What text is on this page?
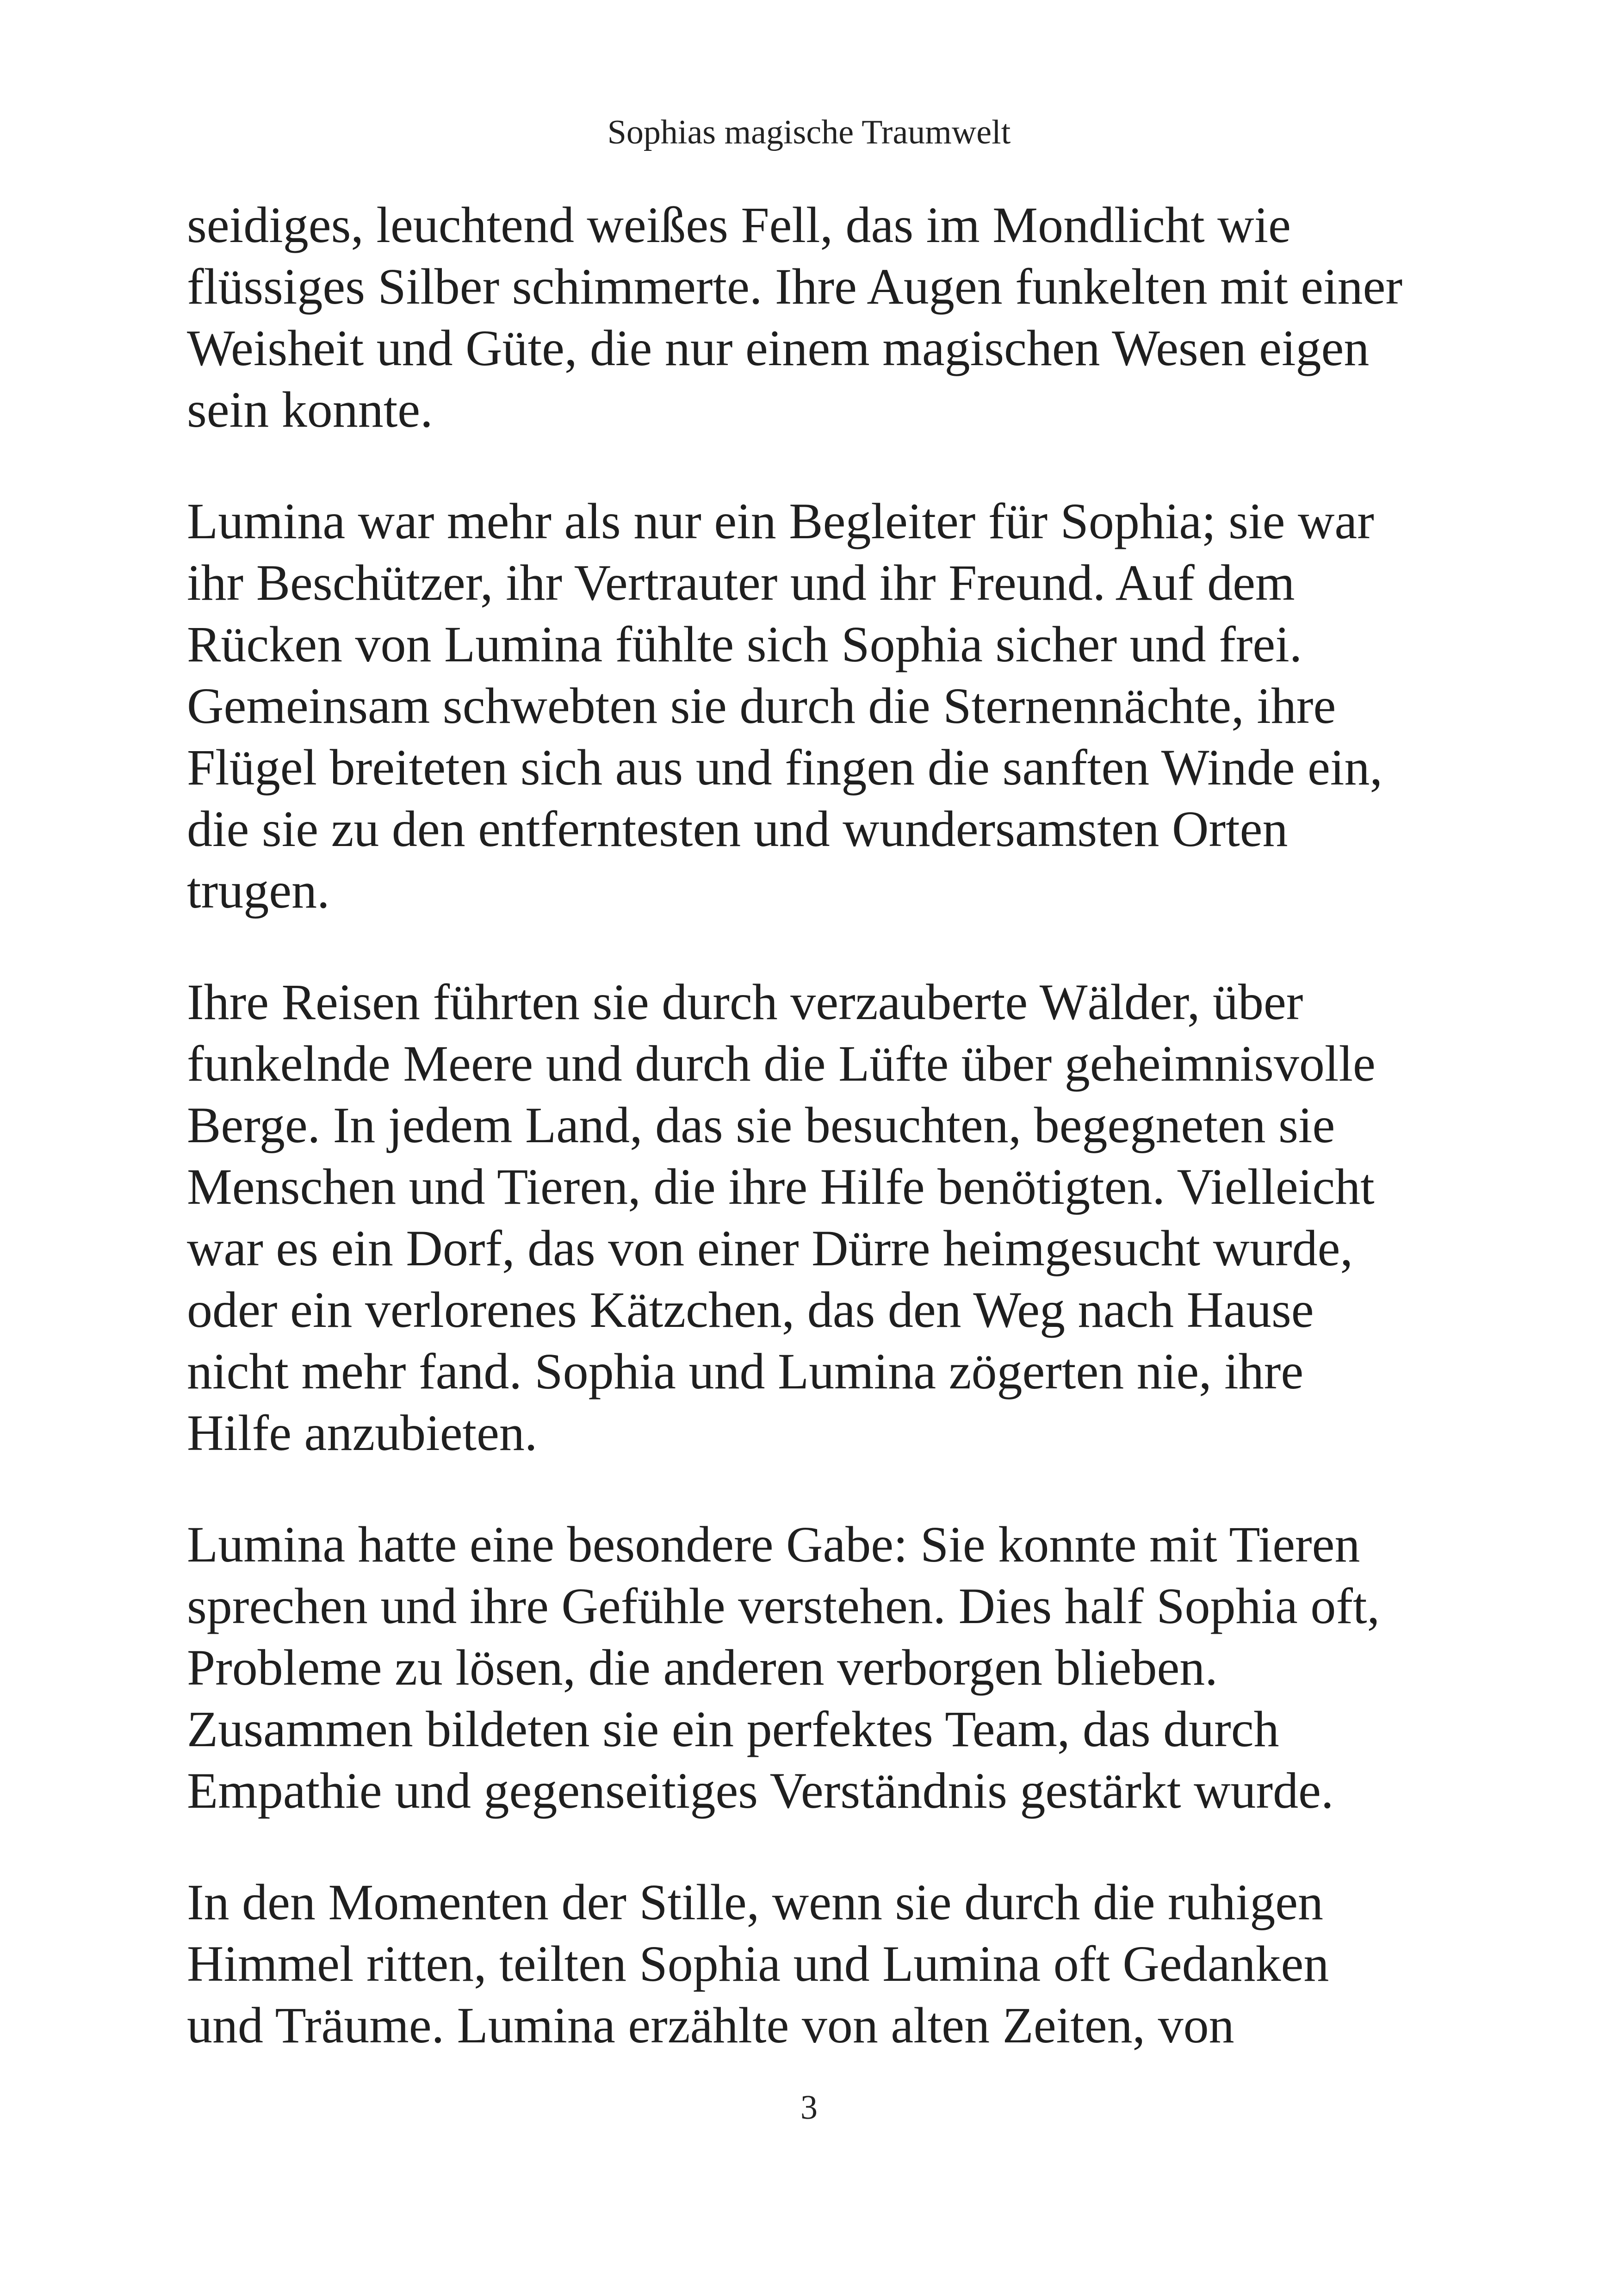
Sophias magische Traumwelt

seidiges, leuchtend weißes Fell, das im Mondlicht wie
flüssiges Silber schimmerte. Ihre Augen funkelten mit einer
Weisheit und Güte, die nur einem magischen Wesen eigen
sein konnte.

Lumina war mehr als nur ein Begleiter für Sophia; sie war
ihr Beschützer, ihr Vertrauter und ihr Freund. Auf dem
Rücken von Lumina fühlte sich Sophia sicher und frei.
Gemeinsam schwebten sie durch die Sternennächte, ihre
Flügel breiteten sich aus und fingen die sanften Winde ein,
die sie zu den entferntesten und wundersamsten Orten
trugen.

Ihre Reisen führten sie durch verzauberte Wälder, über
funkelnde Meere und durch die Lüfte über geheimnisvolle
Berge. In jedem Land, das sie besuchten, begegneten sie
Menschen und Tieren, die ihre Hilfe benötigten. Vielleicht
war es ein Dorf, das von einer Dürre heimgesucht wurde,
oder ein verlorenes Kätzchen, das den Weg nach Hause
nicht mehr fand. Sophia und Lumina zögerten nie, ihre
Hilfe anzubieten.

Lumina hatte eine besondere Gabe: Sie konnte mit Tieren
sprechen und ihre Gefühle verstehen. Dies half Sophia oft,
Probleme zu lösen, die anderen verborgen blieben.
Zusammen bildeten sie ein perfektes Team, das durch
Empathie und gegenseitiges Verständnis gestärkt wurde.

In den Momenten der Stille, wenn sie durch die ruhigen
Himmel ritten, teilten Sophia und Lumina oft Gedanken
und Träume. Lumina erzählte von alten Zeiten, von

3
